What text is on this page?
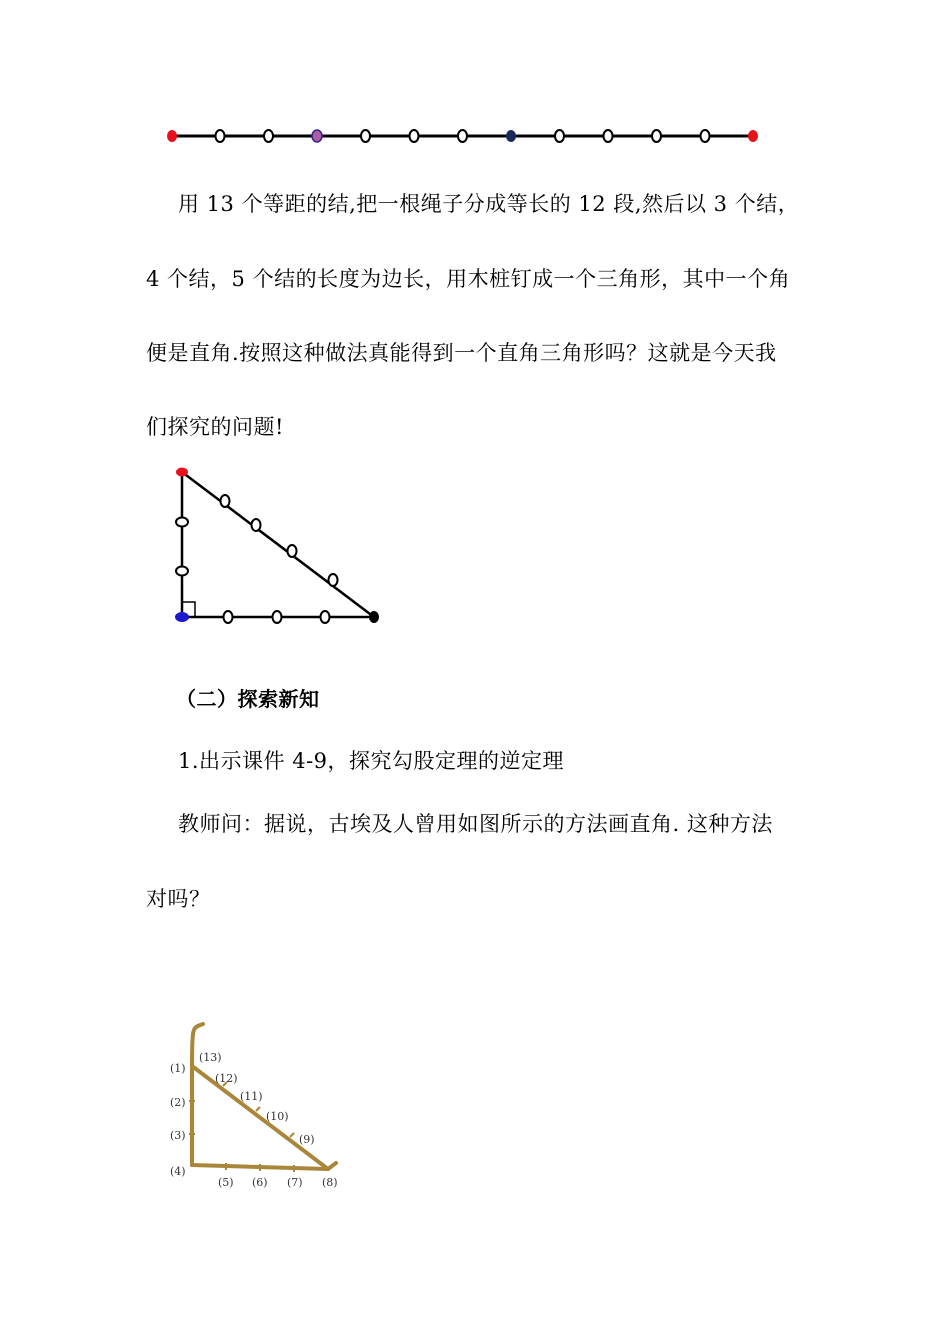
用 13 个等距的结,把一根绳子分成等长的 12 段,然后以 3 个结，
4 个结，5 个结的长度为边长，用木桩钉成一个三角形，其中一个角
便是直角.按照这种做法真能得到一个直角三角形吗？这就是今天我
们探究的问题!
（二）探索新知
1.出示课件 4-9，探究勾股定理的逆定理
教师问：据说，古埃及人曾用如图所示的方法画直角. 这种方法
对吗？
(1)
(2)
(3)
(4)
(5) (6) (7) (8)
(9)
(10)
(11)
(12)
(13)
